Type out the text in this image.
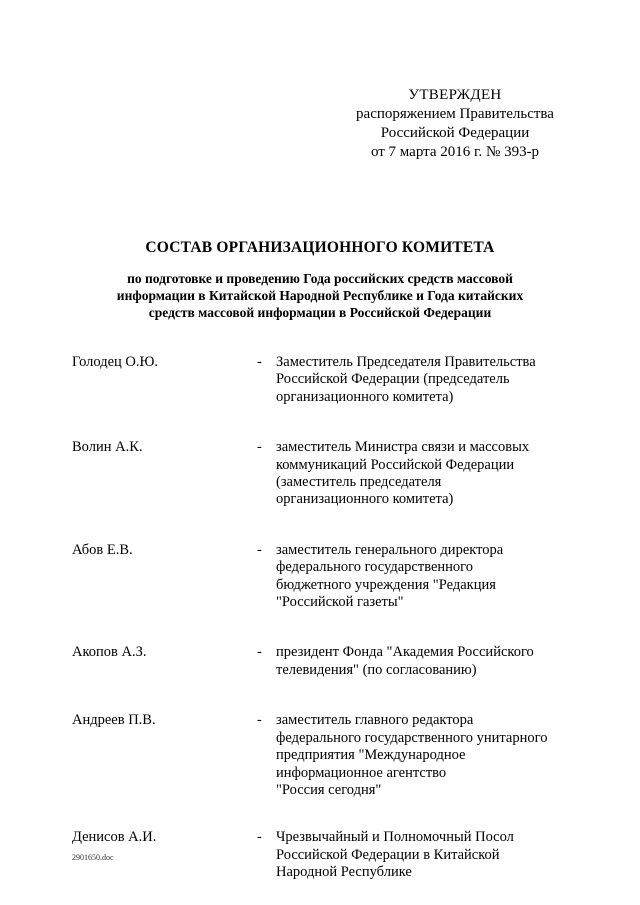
УТВЕРЖДЕН
распоряжением Правительства
Российской Федерации
от 7 марта 2016 г. № 393-р
СОСТАВ ОРГАНИЗАЦИОННОГО КОМИТЕТА
по подготовке и проведению Года российских средств массовой
информации в Китайской Народной Республике и Года китайских
средств массовой информации в Российской Федерации
Голодец О.Ю.	- Заместитель Председателя Правительства
Российской Федерации (председатель
организационного комитета)
Волин А.К.	- заместитель Министра связи и массовых
коммуникаций Российской Федерации
(заместитель председателя
организационного комитета)
Абов Е.В.	- заместитель генерального директора
федерального государственного
бюджетного учреждения "Редакция
"Российской газеты"
Акопов А.З.	- президент Фонда "Академия Российского
телевидения" (по согласованию)
Андреев П.В.	- заместитель главного редактора
федерального государственного унитарного
предприятия "Международное
информационное агентство
"Россия сегодня"
Денисов А.И.	- Чрезвычайный и Полномочный Посол
Российской Федерации в Китайской
Народной Республике
2901650.doc
